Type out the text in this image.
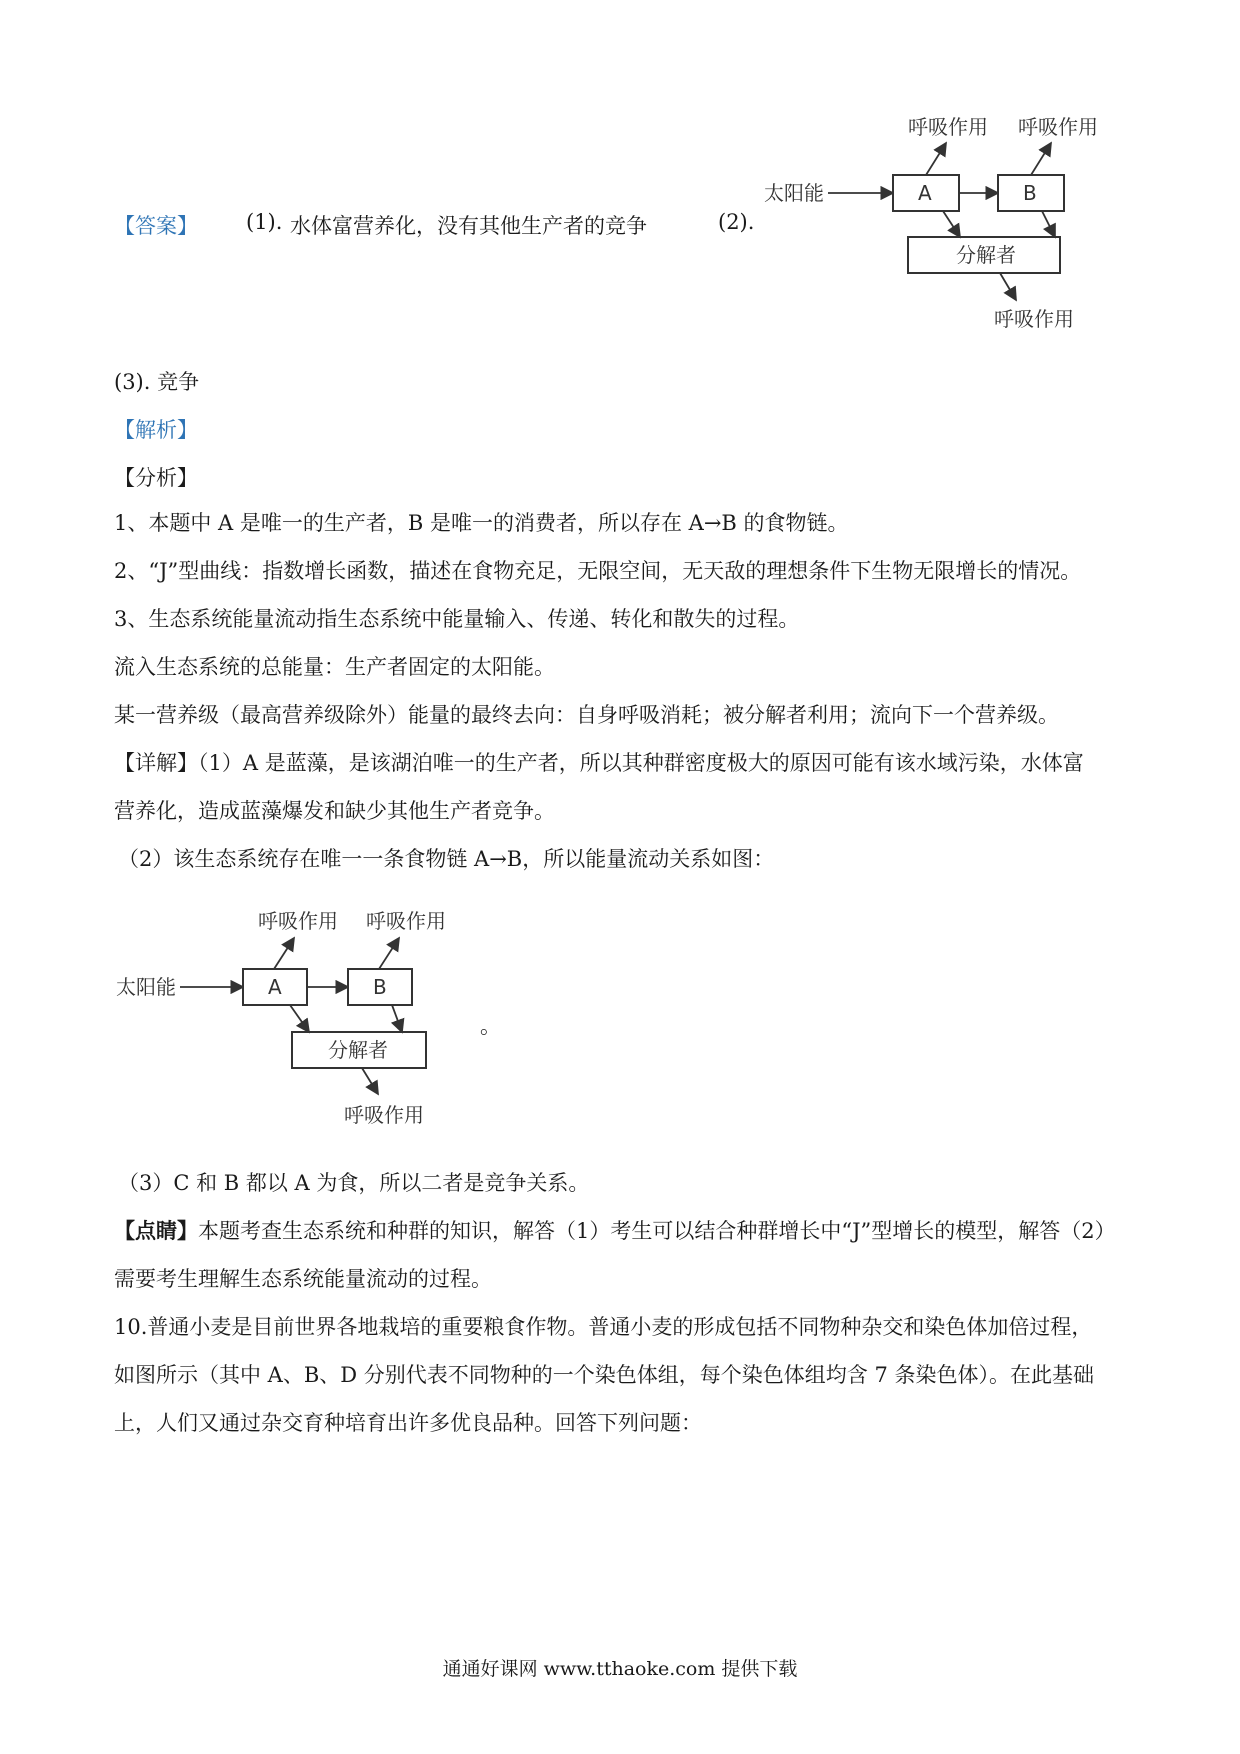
【答案】 (1). 水体富营养化，没有其他生产者的竞争	(2).
呼吸作用 呼吸作用
太阳能	A	B
分解者
呼吸作用
(3). 竞争
【解析】
【分析】
1、本题中 A 是唯一的生产者，B 是唯一的消费者，所以存在 A→B 的食物链。
2、“J”型曲线：指数增长函数，描述在食物充足，无限空间，无天敌的理想条件下生物无限增长的情况。
3、生态系统能量流动指生态系统中能量输入、传递、转化和散失的过程。
流入生态系统的总能量：生产者固定的太阳能。
某一营养级（最高营养级除外）能量的最终去向：自身呼吸消耗；被分解者利用；流向下一个营养级。
【详解】（1）A 是蓝藻，是该湖泊唯一的生产者，所以其种群密度极大的原因可能有该水域污染，水体富
营养化，造成蓝藻爆发和缺少其他生产者竞争。
（2）该生态系统存在唯一一条食物链 A→B，所以能量流动关系如图：
呼吸作用 呼吸作用
太阳能	A	B
分解者
呼吸作用
。
（3）C 和 B 都以 A 为食，所以二者是竞争关系。
【点睛】本题考查生态系统和种群的知识，解答（1）考生可以结合种群增长中“J”型增长的模型，解答（2）
需要考生理解生态系统能量流动的过程。
10.普通小麦是目前世界各地栽培的重要粮食作物。普通小麦的形成包括不同物种杂交和染色体加倍过程，
如图所示（其中 A、B、D 分别代表不同物种的一个染色体组，每个染色体组均含 7 条染色体）。在此基础
上，人们又通过杂交育种培育出许多优良品种。回答下列问题：
通通好课网 www.tthaoke.com 提供下载
